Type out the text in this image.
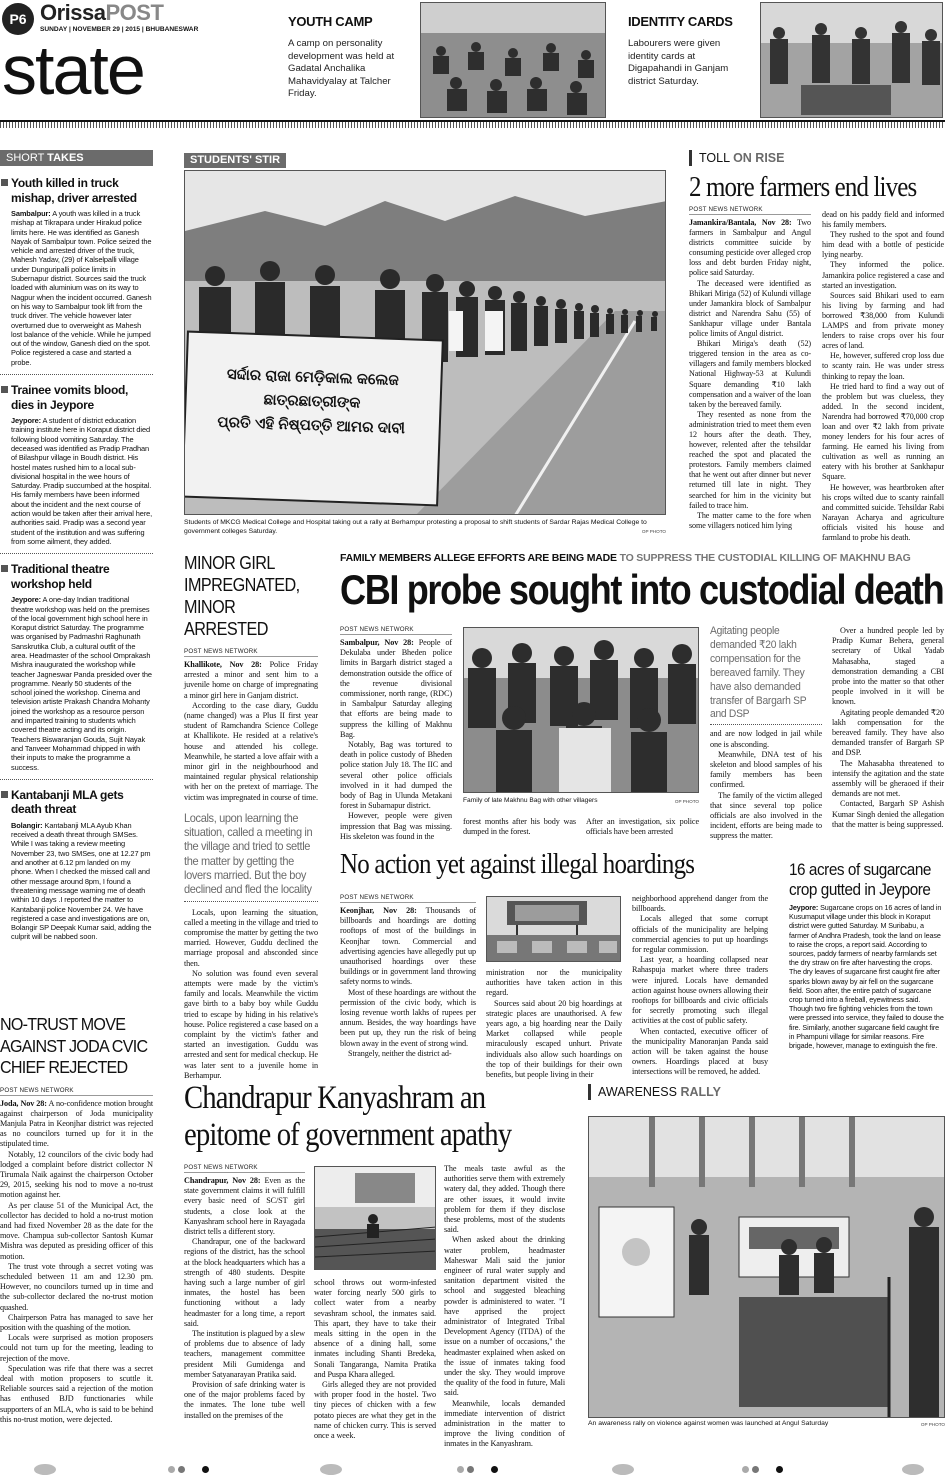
P6 OrissaPOST
SUNDAY | NOVEMBER 29 | 2015 | BHUBANESWAR
state
YOUTH CAMP
A camp on personality development was held at Gadatal Anchalika Mahavidyalay at Talcher Friday.
IDENTITY CARDS
Labourers were given identity cards at Digapahandi in Ganjam district Saturday.
SHORT TAKES
Youth killed in truck mishap, driver arrested
Sambalpur: A youth was killed in a truck mishap at Tikrapara under Hirakud police limits here. He was identified as Ganesh Nayak of Sambalpur town. Police seized the vehicle and arrested driver of the truck, Mahesh Yadav, (29) of Kalselpalli village under Dunguripalli police limits in Subernapur district. Sources said the truck loaded with aluminium was on its way to Nagpur when the incident occurred. Ganesh on his way to Sambalpur took lift from the truck driver. The vehicle however later overturned due to overweight as Mahesh lost balance of the vehicle. While he jumped out of the window, Ganesh died on the spot. Police registered a case and started a probe.
Trainee vomits blood, dies in Jeypore
Jeypore: A student of district education training institute here in Koraput district died following blood vomiting Saturday. The deceased was identified as Pradip Pradhan of Bilashpur village in Boudh district. His hostel mates rushed him to a local sub-divisional hospital in the wee hours of Saturday. Pradip succumbed at the hospital. His family members have been informed about the incident and the next course of action would be taken after their arrival here, authorities said. Pradip was a second year student of the institution and was suffering from some ailment, they added.
Traditional theatre workshop held
Jeypore: A one-day Indian traditional theatre workshop was held on the premises of the local government high school here in Koraput district Saturday. The programme was organised by Padmashri Raghunath Sanskrutika Club, a cultural outfit of the area. Headmaster of the school Omprakash Mishra inaugurated the workshop while teacher Jagneswar Panda presided over the programme. Nearly 50 students of the school joined the workshop. Cinema and television artiste Prakash Chandra Mohanty joined the workshop as a resource person and imparted training to students which covered theatre acting and its origin. Teachers Biswaranjan Gouda, Sujit Nayak and Tanveer Mohammad chipped in with their inputs to make the programme a success.
Kantabanji MLA gets death threat
Bolangir: Kantabanji MLA Ayub Khan received a death threat through SMSes. While I was taking a review meeting November 23, two SMSes, one at 12.27 pm and another at 6.12 pm landed on my phone. When I checked the missed call and other message around 8pm, I found a threatening message warning me of death within 10 days .I reported the matter to Kantabanji police November 24. We have registered a case and investigations are on, Bolangir SP Deepak Kumar said, adding the culprit will be nabbed soon.
NO-TRUST MOVE AGAINST JODA CVIC CHIEF REJECTED
POST NEWS NETWORK

Joda, Nov 28: A no-confidence motion brought against chairperson of Joda municipality Manjula Patra in Keonjhar district was rejected as no councilors turned up for it in the stipulated time.

Notably, 12 councilors of the civic body had lodged a complaint before district collector N Tirumala Naik against the chairperson October 29, 2015, seeking his nod to move a no-trust motion against her.

As per clause 51 of the Municipal Act, the collector has decided to hold a no-trust motion and had fixed November 28 as the date for the move. Champua sub-collector Santosh Kumar Mishra was deputed as presiding officer of this motion.

The trust vote through a secret voting was scheduled between 11 am and 12.30 pm. However, no councilors turned up in time and the sub-collector declared the no-trust motion quashed.

Chairperson Patra has managed to save her position with the quashing of the motion.

Locals were surprised as motion proposers could not turn up for the meeting, leading to rejection of the move.

Speculation was rife that there was a secret deal with motion proposers to scuttle it. Reliable sources said a rejection of the motion has enthused BJD functionaries while supporters of an MLA, who is said to be behind this no-trust motion, were dejected.

STUDENTS' STIR
ସର୍ଦ୍ଦାର ରାଜା ମେଡ଼ିକାଲ କଲେଜ ଛାତ୍ରଛାତ୍ରୀଙ୍କ
ପ୍ରତି ଏହି ନିଷ୍ପତ୍ତି ଆମର ଦାବୀ
Students of MKCG Medical College and Hospital taking out a rally at Berhampur protesting a proposal to shift students of Sardar Rajas Medical College to government colleges Saturday.	OP PHOTO
TOLL ON RISE
2 more farmers end lives
POST NEWS NETWORK

Jamankira/Bantala, Nov 28: Two farmers in Sambalpur and Angul districts committee suicide by consuming pesticide over alleged crop loss and debt burden Friday night, police said Saturday.

The deceased were identified as Bhikari Miriga (52) of Kulundi village under Jamankira block of Sambalpur district and Narendra Sahu (55) of Sankhapur village under Bantala police limits of Angul district.

Bhikari Miriga's death (52) triggered tension in the area as co-villagers and family members blocked National Highway-53 at Kulundi Square demanding ₹10 lakh compensation and a waiver of the loan taken by the bereaved family.

They resented as none from the administration tried to meet them even 12 hours after the death. They, however, relented after the tehsildar reached the spot and placated the protestors. Family members claimed that he went out after dinner but never returned till late in night. They searched for him in the vicinity but failed to trace him.

The matter came to the fore when some villagers noticed him lying

dead on his paddy field and informed his family members.

They rushed to the spot and found him dead with a bottle of pesticide lying nearby.

They informed the police. Jamankira police registered a case and started an investigation.

Sources said Bhikari used to earn his living by farming and had borrowed ₹38,000 from Kulundi LAMPS and from private money lenders to raise crops over his four acres of land.

He, however, suffered crop loss due to scanty rain. He was under stress thinking to repay the loan.

He tried hard to find a way out of the problem but was clueless, they added. In the second incident, Narendra had borrowed ₹70,000 crop loan and over ₹2 lakh from private money lenders for his four acres of farming. He earned his living from cultivation as well as running an eatery with his brother at Sankhapur Square.

He however, was heartbroken after his crops wilted due to scanty rainfall and committed suicide. Tehsildar Rabi Narayan Acharya and agriculture officials visited his house and farmland to probe his death.

MINOR GIRL IMPREGNATED, MINOR ARRESTED
POST NEWS NETWORK

Khallikote, Nov 28: Police Friday arrested a minor and sent him to a juvenile home on charge of impregnating a minor girl here in Ganjam district.

According to the case diary, Guddu (name changed) was a Plus II first year student of Ramchandra Science College at Khallikote. He resided at a relative's house and attended his college. Meanwhile, he started a love affair with a minor girl in the neighbourhood and maintained regular physical relationship with her on the pretext of marriage. The victim was impregnated in course of time.

Locals, upon learning the situation, called a meeting in the village and tried to settle the matter by getting the lovers married. But the boy declined and fled the locality

Locals, upon learning the situation, called a meeting in the village and tried to compromise the matter by getting the two married. However, Guddu declined the marriage proposal and absconded since then.

No solution was found even several attempts were made by the victim's family and locals. Meanwhile the victim gave birth to a baby boy while Guddu tried to escape by hiding in his relative's house. Police registered a case based on a complaint by the victim's father and started an investigation. Guddu was arrested and sent for medical checkup. He was later sent to a juvenile home in Berhampur.

FAMILY MEMBERS ALLEGE EFFORTS ARE BEING MADE TO SUPPRESS THE CUSTODIAL KILLING OF MAKHNU BAG
CBI probe sought into custodial death
POST NEWS NETWORK

Sambalpur, Nov 28: People of Dekulaba under Bheden police limits in Bargarh district staged a demonstration outside the office of the revenue divisional commissioner, north range, (RDC) in Sambalpur Saturday alleging that efforts are being made to suppress the killing of Makhnu Bag.

Notably, Bag was tortured to death in police custody of Bheden police station July 18. The IIC and several other police officials involved in it had dumped the body of Bag in Ulunda Metakani forest in Subarnapur district.

However, people were given impression that Bag was missing. His skeleton was found in the

Family of late Makhnu Bag with other villagers	OP PHOTO
forest months after his body was dumped in the forest.
After an investigation, six police officials have been arrested
Agitating people demanded ₹20 lakh compensation for the bereaved family. They have also demanded transfer of Bargarh SP and DSP

and are now lodged in jail while one is absconding.

Meanwhile, DNA test of his skeleton and blood samples of his family members has been confirmed.

The family of the victim alleged that since several top police officials are also involved in the incident, efforts are being made to suppress the matter.

Over a hundred people led by Pradip Kumar Behera, general secretary of Utkal Yadab Mahasabha, staged a demonstration demanding a CBI probe into the matter so that other people involved in it will be known.

Agitating people demanded ₹20 lakh compensation for the bereaved family. They have also demanded transfer of Bargarh SP and DSP.

The Mahasabha threatened to intensify the agitation and the state assembly will be gheraoed if their demands are not met.

Contacted, Bargarh SP Ashish Kumar Singh denied the allegation that the matter is being suppressed.

No action yet against illegal hoardings
POST NEWS NETWORK

Keonjhar, Nov 28: Thousands of billboards and hoardings are dotting rooftops of most of the buildings in Keonjhar town. Commercial and advertising agencies have allegedly put up unauthorised hoardings over these buildings or in government land throwing safety norms to winds.

Most of these hoardings are without the permission of the civic body, which is losing revenue worth lakhs of rupees per annum. Besides, the way hoardings have been put up, they run the risk of being blown away in the event of strong wind.

Strangely, neither the district ad-

ministration nor the municipality authorities have taken action in this regard.

Sources said about 20 big hoardings at strategic places are unauthorised. A few years ago, a big hoarding near the Daily Market collapsed while people miraculously escaped unhurt. Private individuals also allow such hoardings on the top of their buildings for their own benefits, but people living in their

neighborhood apprehend danger from the billboards.

Locals alleged that some corrupt officials of the municipality are helping commercial agencies to put up hoardings for regular commission.

Last year, a hoarding collapsed near Rahaspuja market where three traders were injured. Locals have demanded action against house owners allowing their rooftops for billboards and civic officials for secretly promoting such illegal activities at the cost of public safety.

When contacted, executive officer of the municipality Manoranjan Panda said action will be taken against the house owners. Hoardings placed at busy intersections will be removed, he added.

16 acres of sugarcane crop gutted in Jeypore
Jeypore: Sugarcane crops on 16 acres of land in Kusumaput village under this block in Koraput district were gutted Saturday. M Suribabu, a farmer of Andhra Pradesh, took the land on lease to raise the crops, a report said. According to sources, paddy farmers of nearby farmlands set the dry straw on fire after harvesting the crops. The dry leaves of sugarcane first caught fire after sparks blown away by air fell on the sugarcane field. Soon after, the entire patch of sugarcane crop turned into a fireball, eyewitness said. Though two fire fighting vehicles from the town were pressed into service, they failed to douse the fire. Similarly, another sugarcane field caught fire in Phampuni village for similar reasons. Fire brigade, however, manage to extinguish the fire.
Chandrapur Kanyashram an epitome of government apathy
POST NEWS NETWORK

Chandrapur, Nov 28: Even as the state government claims it will fulfill every basic need of SC/ST girl students, a close look at the Kanyashram school here in Rayagada district tells a different story.

Chandrapur, one of the backward regions of the district, has the school at the block headquarters which has a strength of 480 students. Despite having such a large number of girl inmates, the hostel has been functioning without a lady headmaster for a long time, a report said.

The institution is plagued by a slew of problems due to absence of lady teachers, management committee president Mili Gumidenga and member Satyanarayan Pratika said.

Provision of safe drinking water is one of the major problems faced by the inmates. The lone tube well installed on the premises of the

school throws out worm-infested water forcing nearly 500 girls to collect water from a nearby sevashram school, the inmates said. This apart, they have to take their meals sitting in the open in the absence of a dining hall, some inmates including Shanti Bredeka, Sonali Tangaranga, Namita Pratika and Puspa Khara alleged.

Girls alleged they are not provided with proper food in the hostel. Two tiny pieces of chicken with a few potato pieces are what they get in the name of chicken curry. This is served once a week.

The meals taste awful as the authorities serve them with extremely watery dal, they added. Though there are other issues, it would invite problem for them if they disclose these problems, most of the students said.

When asked about the drinking water problem, headmaster Maheswar Mali said the junior engineer of rural water supply and sanitation department visited the school and suggested bleaching powder is administered to water. "I have apprised the project administrator of Integrated Tribal Development Agency (ITDA) of the issue on a number of occasions," the headmaster explained when asked on the issue of inmates taking food under the sky. They would improve the quality of the food in future, Mali said.

Meanwhile, locals demanded immediate intervention of district administration in the matter to improve the living condition of inmates in the Kanyashram.

AWARENESS RALLY
An awareness rally on violence against women was launched at Angul Saturday	OP PHOTO
